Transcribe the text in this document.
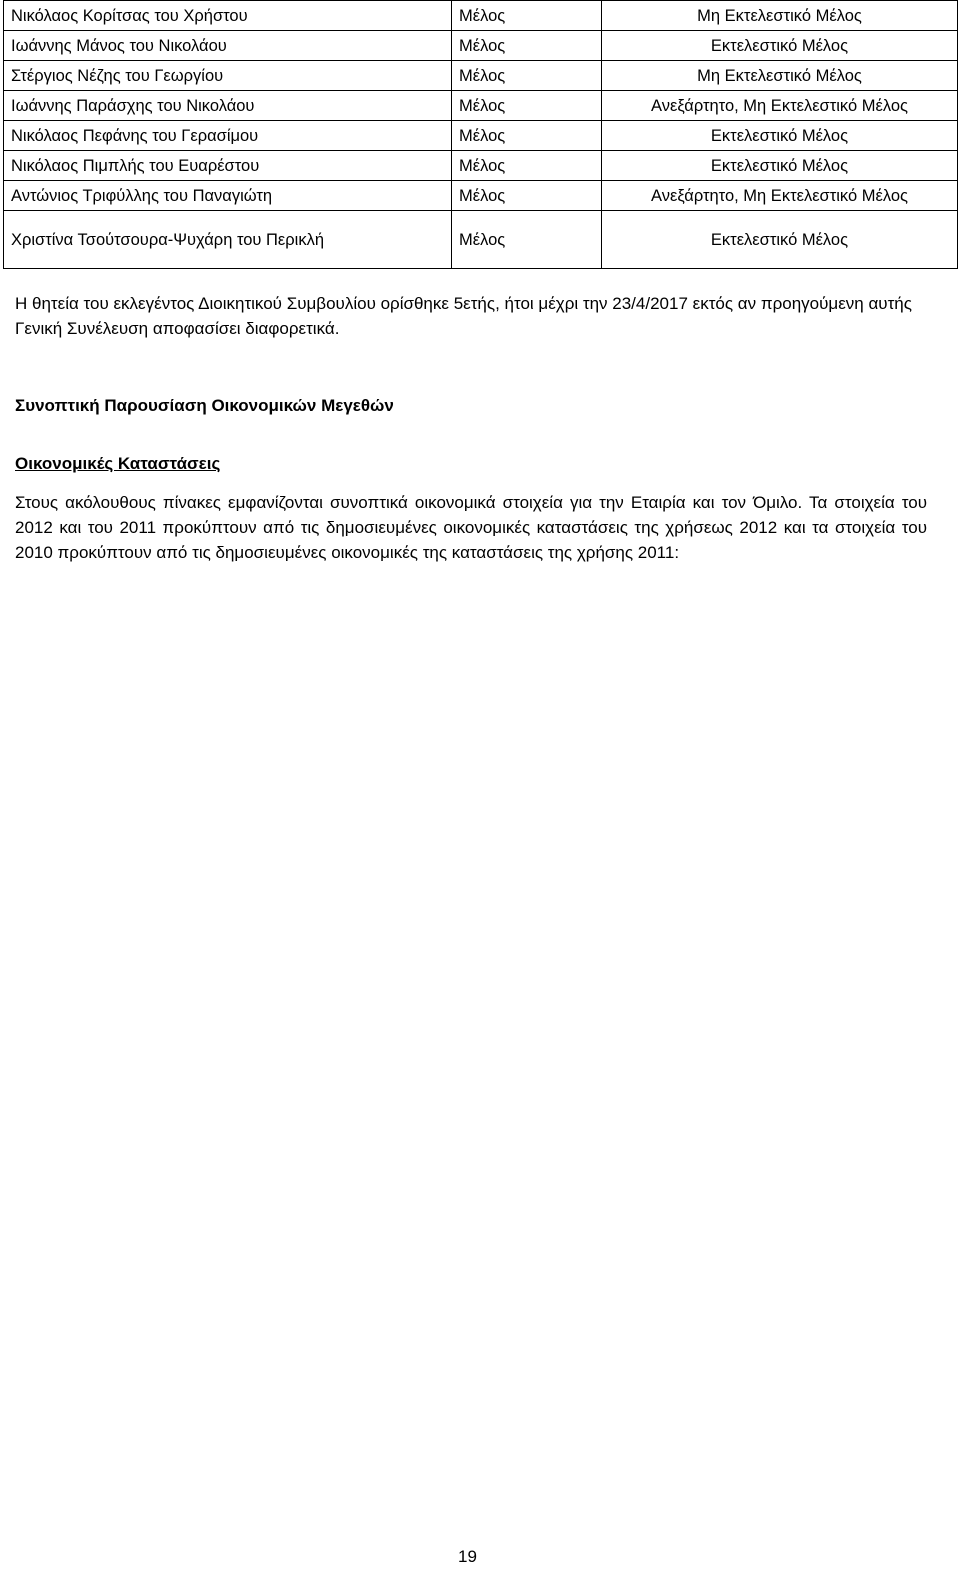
Νικόλαος Κορίτσας του Χρήστου	Μέλος	Μη Εκτελεστικό Μέλος
Ιωάννης Μάνος του Νικολάου	Μέλος	Εκτελεστικό Μέλος
Στέργιος Νέζης του Γεωργίου	Μέλος	Μη Εκτελεστικό Μέλος
Ιωάννης Παράσχης του Νικολάου	Μέλος	Ανεξάρτητο, Μη Εκτελεστικό Μέλος
Νικόλαος Πεφάνης του Γερασίμου	Μέλος	Εκτελεστικό Μέλος
Νικόλαος Πιμπλής του Ευαρέστου	Μέλος	Εκτελεστικό Μέλος
Αντώνιος Τριφύλλης του Παναγιώτη	Μέλος	Ανεξάρτητο, Μη Εκτελεστικό Μέλος
Χριστίνα Τσούτσουρα-Ψυχάρη του Περικλή	Μέλος	Εκτελεστικό Μέλος

Η θητεία του εκλεγέντος Διοικητικού Συμβουλίου ορίσθηκε 5ετής, ήτοι μέχρι την 23/4/2017 εκτός αν προηγούμενη αυτής Γενική Συνέλευση αποφασίσει διαφορετικά.

Συνοπτική Παρουσίαση Οικονομικών Μεγεθών
Οικονομικές Καταστάσεις

Στους ακόλουθους πίνακες εμφανίζονται συνοπτικά οικονομικά στοιχεία για την Εταιρία και τον Όμιλο. Τα στοιχεία του 2012 και του 2011 προκύπτουν από τις δημοσιευμένες οικονομικές καταστάσεις της χρήσεως 2012 και τα στοιχεία του 2010 προκύπτουν από τις δημοσιευμένες οικονομικές της καταστάσεις της χρήσης 2011:

19
